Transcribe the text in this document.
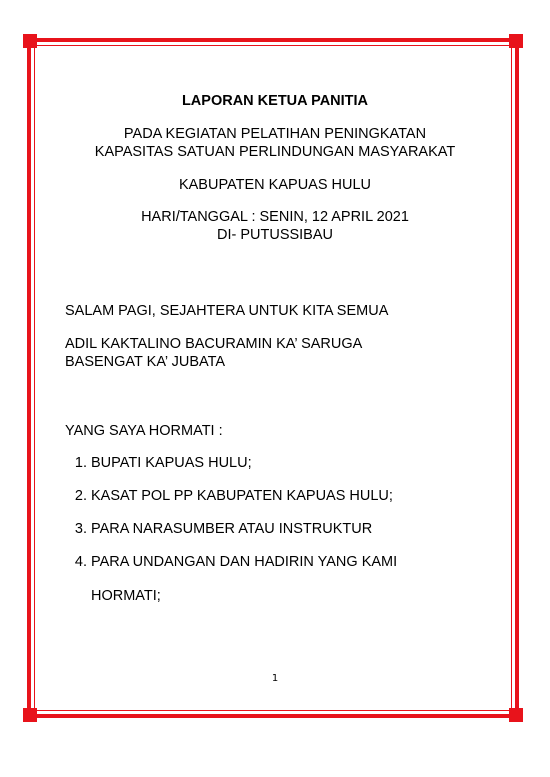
LAPORAN KETUA PANITIA

PADA KEGIATAN PELATIHAN PENINGKATAN

KAPASITAS SATUAN PERLINDUNGAN MASYARAKAT

KABUPATEN KAPUAS HULU

HARI/TANGGAL : SENIN, 12 APRIL 2021

DI- PUTUSSIBAU

SALAM PAGI, SEJAHTERA UNTUK KITA SEMUA

ADIL KAKTALINO BACURAMIN KA’ SARUGA

BASENGAT KA’ JUBATA

YANG SAYA HORMATI :

1. BUPATI KAPUAS HULU;
2. KASAT POL PP KABUPATEN KAPUAS HULU;
3. PARA NARASUMBER ATAU INSTRUKTUR
4. PARA UNDANGAN DAN HADIRIN YANG KAMI
HORMATI;
1
